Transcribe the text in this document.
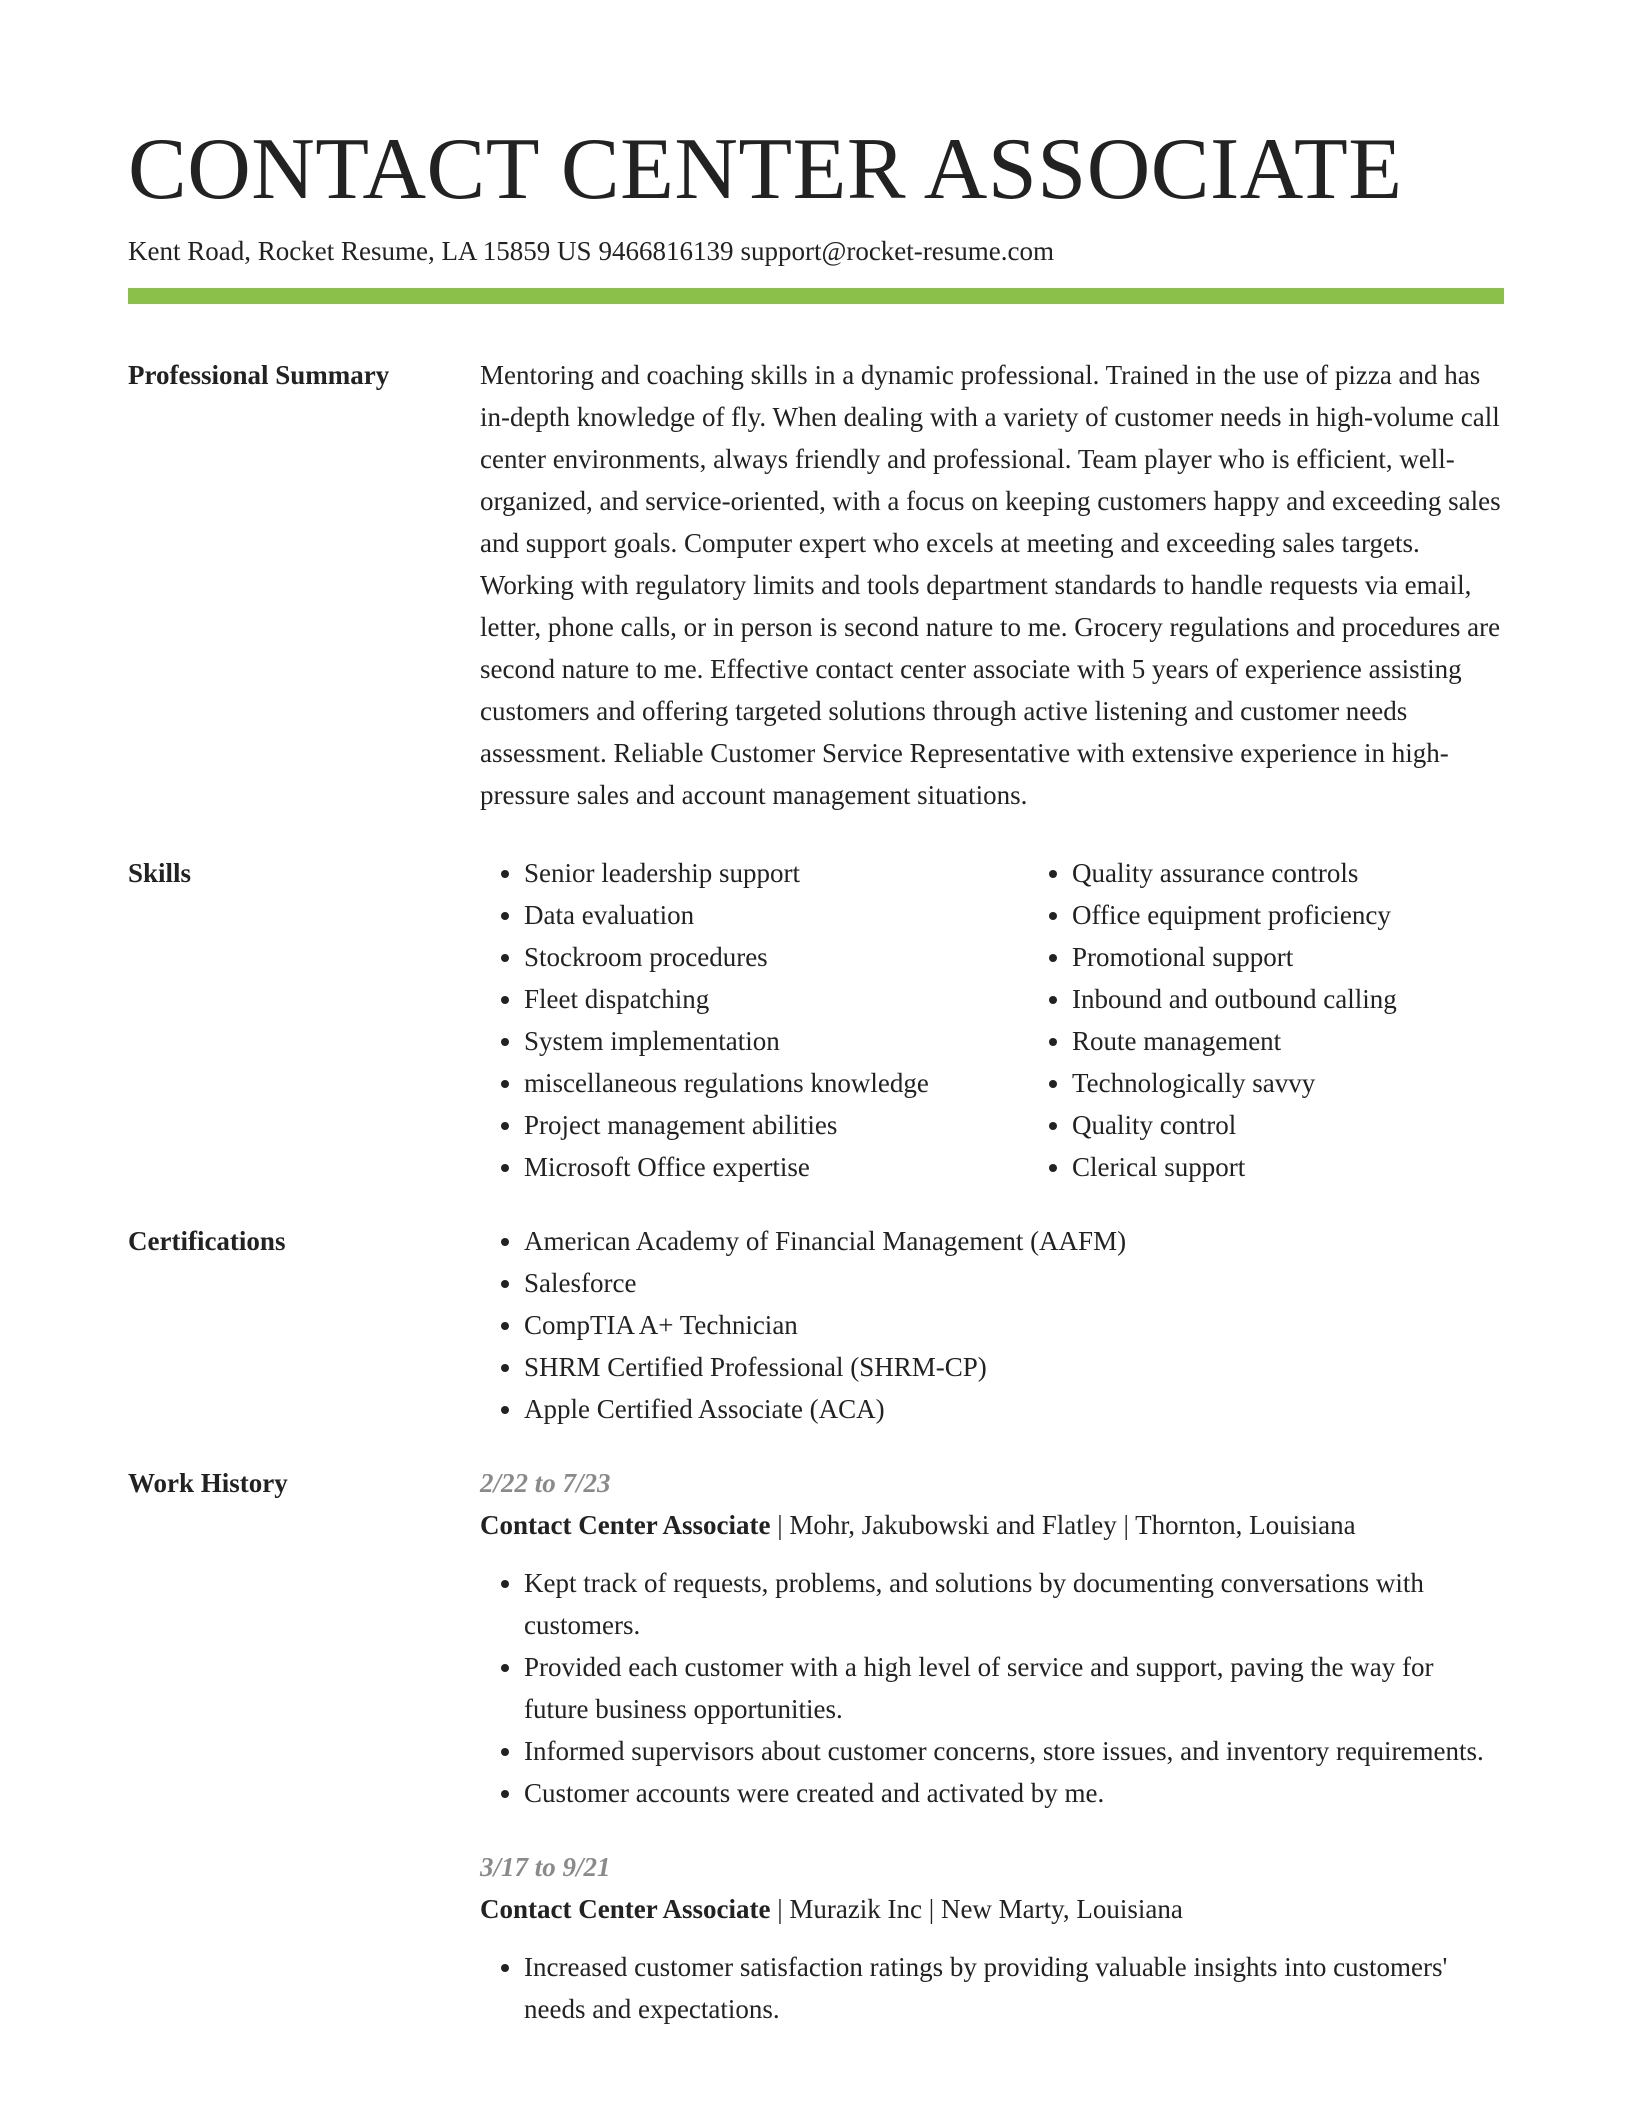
CONTACT CENTER ASSOCIATE
Kent Road, Rocket Resume, LA 15859 US 9466816139 support@rocket-resume.com
Professional Summary	Mentoring and coaching skills in a dynamic professional. Trained in the use of pizza and has in-depth knowledge of fly. When dealing with a variety of customer needs in high-volume call center environments, always friendly and professional. Team player who is efficient, well-organized, and service-oriented, with a focus on keeping customers happy and exceeding sales and support goals. Computer expert who excels at meeting and exceeding sales targets. Working with regulatory limits and tools department standards to handle requests via email, letter, phone calls, or in person is second nature to me. Grocery regulations and procedures are second nature to me. Effective contact center associate with 5 years of experience assisting customers and offering targeted solutions through active listening and customer needs assessment. Reliable Customer Service Representative with extensive experience in high-pressure sales and account management situations.

Skills	• Senior leadership support
• Data evaluation
• Stockroom procedures
• Fleet dispatching
• System implementation
• miscellaneous regulations knowledge
• Project management abilities
• Microsoft Office expertise
• Quality assurance controls
• Office equipment proficiency
• Promotional support
• Inbound and outbound calling
• Route management
• Technologically savvy
• Quality control
• Clerical support
Certifications	• American Academy of Financial Management (AAFM)
• Salesforce
• CompTIA A+ Technician
• SHRM Certified Professional (SHRM-CP)
• Apple Certified Associate (ACA)
Work History	2/22 to 7/23
Contact Center Associate | Mohr, Jakubowski and Flatley | Thornton, Louisiana
• Kept track of requests, problems, and solutions by documenting conversations with customers.
• Provided each customer with a high level of service and support, paving the way for future business opportunities.
• Informed supervisors about customer concerns, store issues, and inventory requirements.
• Customer accounts were created and activated by me.
3/17 to 9/21
Contact Center Associate | Murazik Inc | New Marty, Louisiana
• Increased customer satisfaction ratings by providing valuable insights into customers' needs and expectations.
